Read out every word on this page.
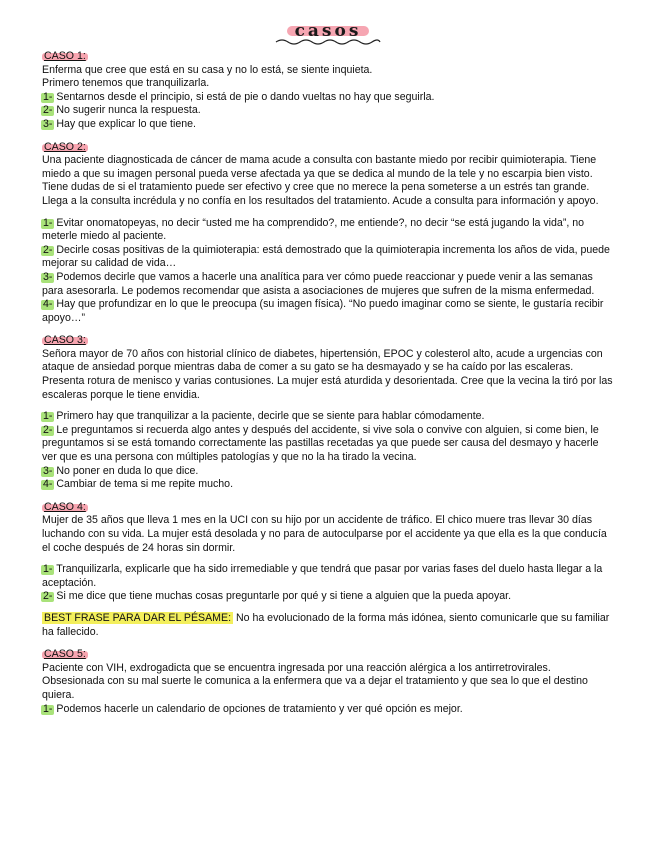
casos
CASO 1:

Enferma que cree que está en su casa y no lo está, se siente inquieta.

Primero tenemos que tranquilizarla.

1- Sentarnos desde el principio, si está de pie o dando vueltas no hay que seguirla.

2- No sugerir nunca la respuesta.

3- Hay que explicar lo que tiene.

CASO 2:

Una paciente diagnosticada de cáncer de mama acude a consulta con bastante miedo por recibir quimioterapia. Tiene miedo a que su imagen personal pueda verse afectada ya que se dedica al mundo de la tele y no escarpia bien visto. Tiene dudas de si el tratamiento puede ser efectivo y cree que no merece la pena someterse a un estrés tan grande. Llega a la consulta incrédula y no confía en los resultados del tratamiento. Acude a consulta para información y apoyo.

1- Evitar onomatopeyas, no decir “usted me ha comprendido?, me entiende?, no decir “se está jugando la vida”, no meterle miedo al paciente.

2- Decirle cosas positivas de la quimioterapia: está demostrado que la quimioterapia incrementa los años de vida, puede mejorar su calidad de vida…

3- Podemos decirle que vamos a hacerle una analítica para ver cómo puede reaccionar y puede venir a las semanas para asesorarla. Le podemos recomendar que asista a asociaciones de mujeres que sufren de la misma enfermedad.

4- Hay que profundizar en lo que le preocupa (su imagen física). “No puedo imaginar como se siente, le gustaría recibir apoyo…”

CASO 3:

Señora mayor de 70 años con historial clínico de diabetes, hipertensión, EPOC y colesterol alto, acude a urgencias con ataque de ansiedad porque mientras daba de comer a su gato se ha desmayado y se ha caído por las escaleras. Presenta rotura de menisco y varias contusiones. La mujer está aturdida y desorientada. Cree que la vecina la tiró por las escaleras porque le tiene envidia.

1- Primero hay que tranquilizar a la paciente, decirle que se siente para hablar cómodamente.

2- Le preguntamos si recuerda algo antes y después del accidente, si vive sola o convive con alguien, si come bien, le preguntamos si se está tomando correctamente las pastillas recetadas ya que puede ser causa del desmayo y hacerle ver que es una persona con múltiples patologías y que no la ha tirado la vecina.

3- No poner en duda lo que dice.

4- Cambiar de tema si me repite mucho.

CASO 4:

Mujer de 35 años que lleva 1 mes en la UCI con su hijo por un accidente de tráfico. El chico muere tras llevar 30 días luchando con su vida. La mujer está desolada y no para de autoculparse por el accidente ya que ella es la que conducía el coche después de 24 horas sin dormir.

1- Tranquilizarla, explicarle que ha sido irremediable y que tendrá que pasar por varias fases del duelo hasta llegar a la aceptación.

2- Si me dice que tiene muchas cosas preguntarle por qué y si tiene a alguien que la pueda apoyar.

BEST FRASE PARA DAR EL PÉSAME: No ha evolucionado de la forma más idónea, siento comunicarle que su familiar ha fallecido.

CASO 5:

Paciente con VIH, exdrogadicta que se encuentra ingresada por una reacción alérgica a los antirretrovirales. Obsesionada con su mal suerte le comunica a la enfermera que va a dejar el tratamiento y que sea lo que el destino quiera.

1- Podemos hacerle un calendario de opciones de tratamiento y ver qué opción es mejor.
